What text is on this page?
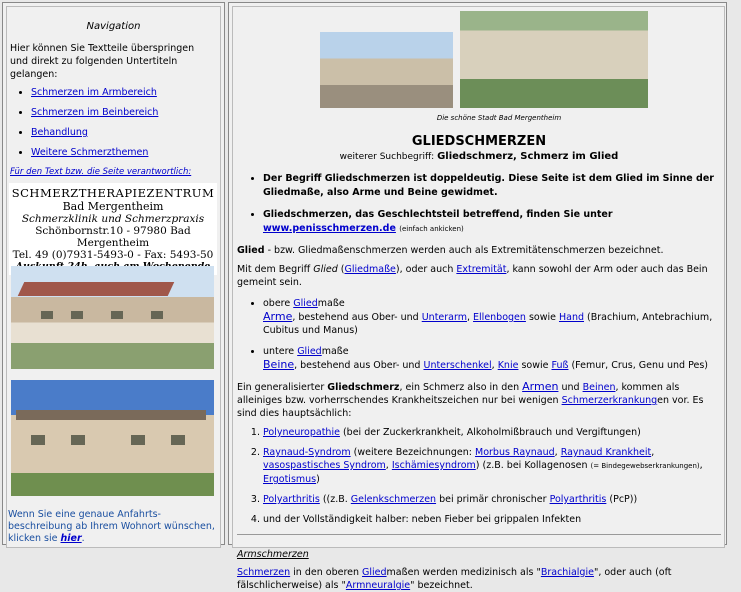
Navigation
Hier können Sie Textteile überspringen
und direkt zu folgenden Untertiteln gelangen:
• Schmerzen im Armbereich
• Schmerzen im Beinbereich
• Behandlung
• Weitere Schmerzthemen
Für den Text bzw. die Seite verantwortlich:
SCHMERZTHERAPIEZENTRUM
Bad Mergentheim
Schmerzklinik und Schmerzpraxis
Schönbornstr.10 - 97980 Bad Mergentheim
Tel. 49 (0)7931-5493-0 - Fax: 5493-50
Wenn Sie eine genaue Anfahrts-beschreibung ab Ihrem Wohnort wünschen, klicken sie hier.
Die schöne Stadt Bad Mergentheim
GLIEDSCHMERZEN
weiterer Suchbegriff: Gliedschmerz, Schmerz im Glied
• Der Begriff Gliedschmerzen ist doppeldeutig. Diese Seite ist dem Glied im Sinne der Gliedmaße, also Arme und Beine gewidmet.
• Gliedschmerzen, das Geschlechtsteil betreffend, finden Sie unter www.penisschmerzen.de (einfach ankicken)

Glied - bzw. Gliedmaßenschmerzen werden auch als Extremitätenschmerzen bezeichnet.

Mit dem Begriff Glied (Gliedmaße), oder auch Extremität, kann sowohl der Arm oder auch das Bein gemeint sein.

• obere Gliedmaße
Arme, bestehend aus Ober- und Unterarm, Ellenbogen sowie Hand (Brachium, Antebrachium, Cubitus und Manus)
• untere Gliedmaße
Beine, bestehend aus Ober- und Unterschenkel, Knie sowie Fuß (Femur, Crus, Genu und Pes)

Ein generalisierter Gliedschmerz, ein Schmerz also in den Armen und Beinen, kommen als alleiniges bzw. vorherrschendes Krankheitszeichen nur bei wenigen Schmerzerkrankungen vor. Es sind dies hauptsächlich:

1. Polyneuropathie (bei der Zuckerkrankheit, Alkoholmißbrauch und Vergiftungen)
2. Raynaud-Syndrom (weitere Bezeichnungen: Morbus Raynaud, Raynaud Krankheit, vasospastisches Syndrom, Ischämiesyndrom) (z.B. bei Kollagenosen (= Bindegewebserkrankungen), Ergotismus)
3. Polyarthritis ((z.B. Gelenkschmerzen bei primär chronischer Polyarthritis (PcP))
4. und der Vollständigkeit halber: neben Fieber bei grippalen Infekten
Armschmerzen

Schmerzen in den oberen Gliedmaßen werden medizinisch als "Brachialgie", oder auch (oft fälschlicherweise) als "Armneuralgie" bezeichnet.
